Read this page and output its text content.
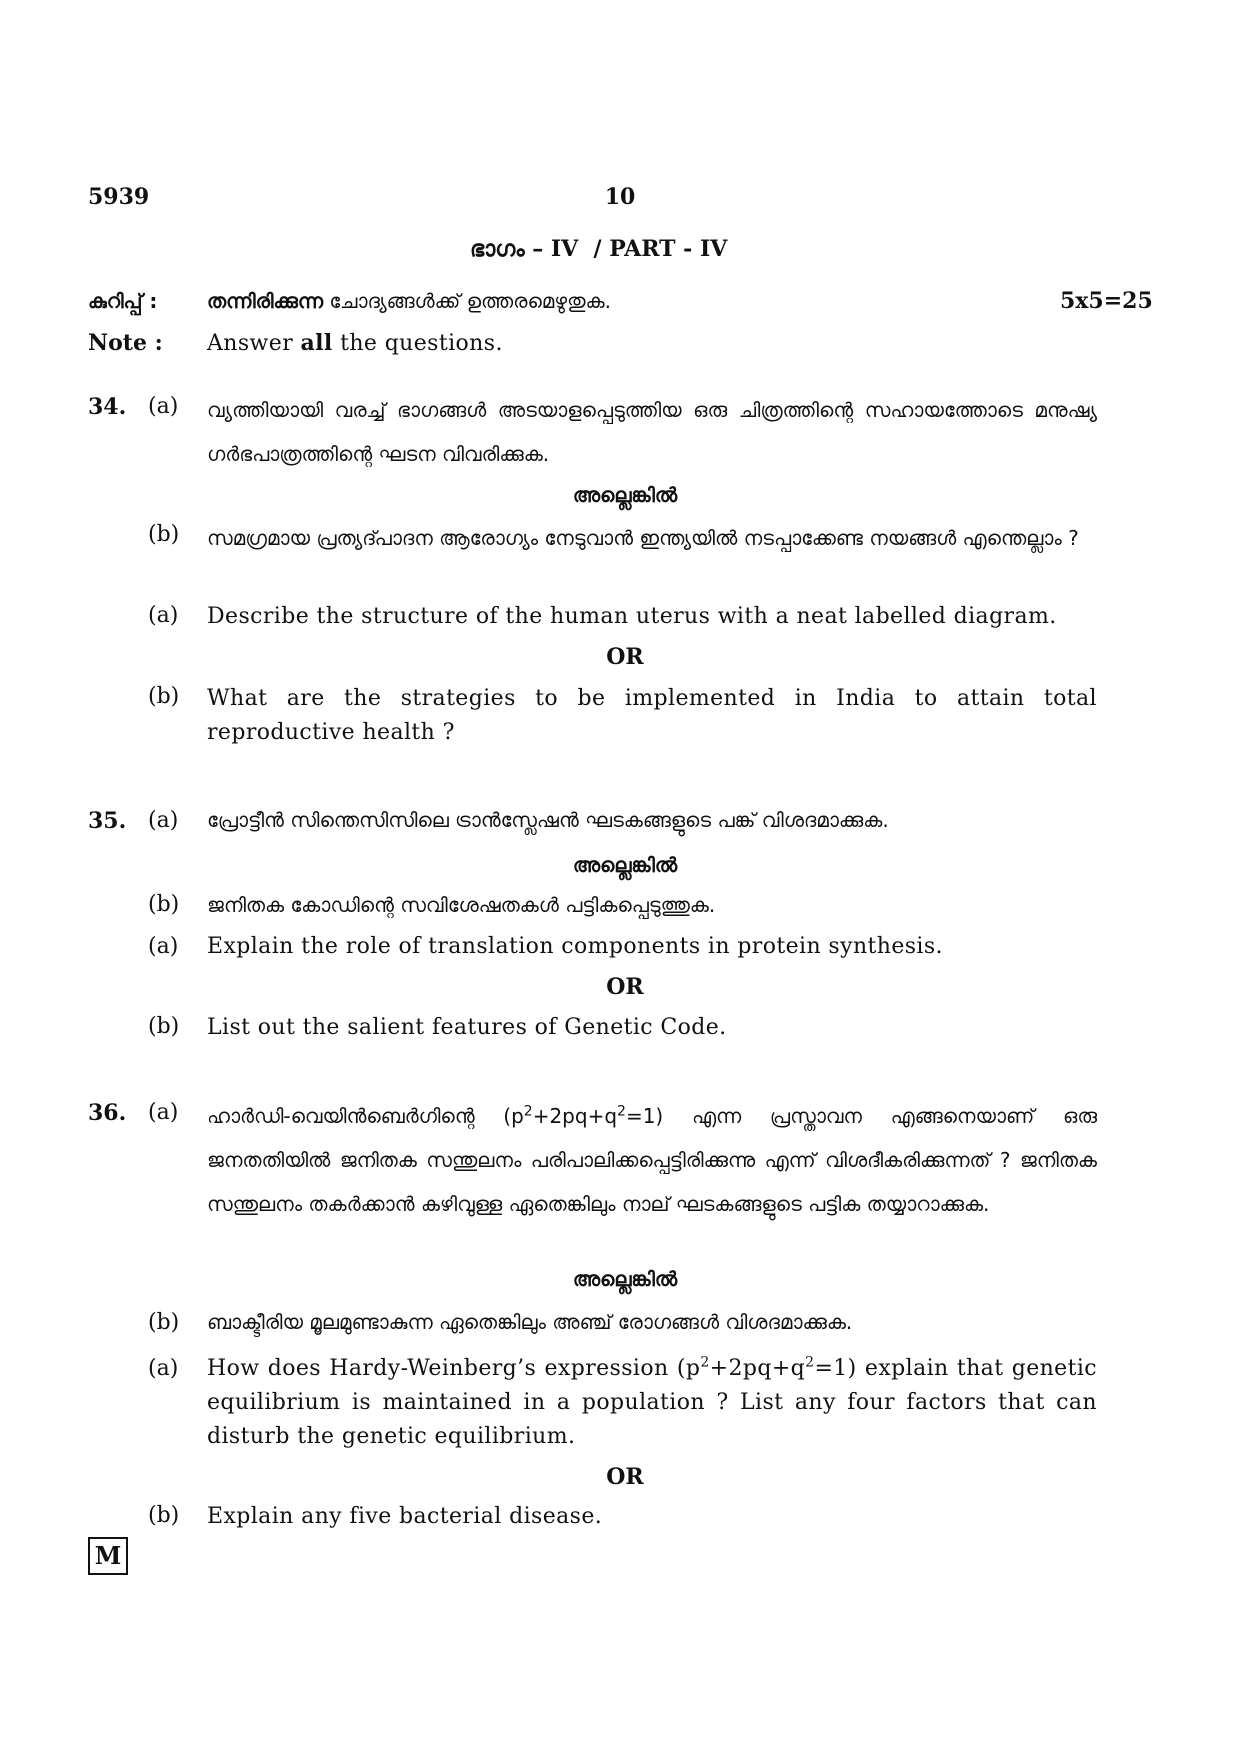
5939	10
ഭാഗം – IV  / PART - IV
കുറിപ്പ് : തന്നിരിക്കുന്ന ചോദ്യങ്ങൾക്ക് ഉത്തരമെഴുതുക.	5x5=25
Note : Answer all the questions.
34. (a) വ്യത്തിയായി വരച്ച് ഭാഗങ്ങൾ അടയാളപ്പെടുത്തിയ ഒരു ചിത്രത്തിന്റെ സഹായത്തോടെ മനുഷ്യ ഗർഭപാത്രത്തിന്റെ ഘടന വിവരിക്കുക.
അല്ലെങ്കിൽ
(b) സമഗ്രമായ പ്രത്യദ്പാദന ആരോഗ്യം നേടുവാൻ ഇന്ത്യയിൽ നടപ്പാക്കേണ്ട നയങ്ങൾ എന്തെല്ലാം ?
(a) Describe the structure of the human uterus with a neat labelled diagram.
OR
(b) What are the strategies to be implemented in India to attain total reproductive health ?
35. (a) പ്രോട്ടീൻ സിന്തെസിസിലെ ട്രാൻസ്ലേഷൻ ഘടകങ്ങളുടെ പങ്ക് വിശദമാക്കുക.
അല്ലെങ്കിൽ
(b) ജനിതക കോഡിന്റെ സവിശേഷതകൾ പട്ടികപ്പെടുത്തുക.
(a) Explain the role of translation components in protein synthesis.
OR
(b) List out the salient features of Genetic Code.
36. (a) ഹാർഡി-വെയിൻബെർഗിന്റെ $(p^2+2pq+q^2=1)$ എന്ന പ്രസ്താവന എങ്ങനെയാണ് ഒരു ജനതതിയിൽ ജനിതക സന്തുലനം പരിപാലിക്കപ്പെട്ടിരിക്കുന്നു എന്ന് വിശദീകരിക്കുന്നത് ? ജനിതക സന്തുലനം തകർക്കാൻ കഴിവുള്ള ഏതെങ്കിലും നാല് ഘടകങ്ങളുടെ പട്ടിക തയ്യാറാക്കുക.
അല്ലെങ്കിൽ
(b) ബാക്ടീരിയ മൂലമുണ്ടാകുന്ന ഏതെങ്കിലും അഞ്ച് രോഗങ്ങൾ വിശദമാക്കുക.
(a) How does Hardy-Weinberg’s expression $(p^2+2pq+q^2=1)$ explain that genetic equilibrium is maintained in a population ? List any four factors that can disturb the genetic equilibrium.
OR
(b) Explain any five bacterial disease.
M
